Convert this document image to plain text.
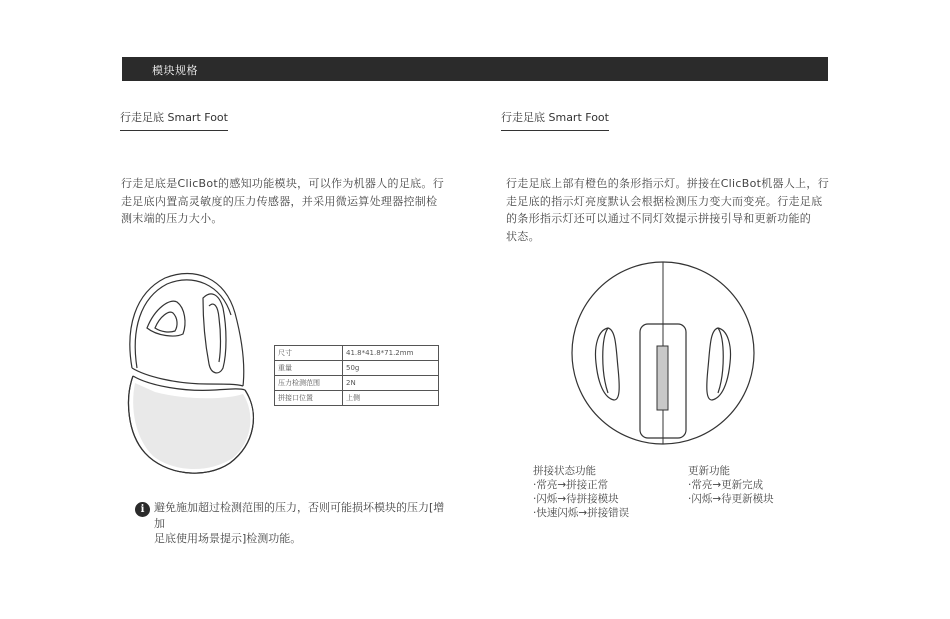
模块规格
行走足底 Smart Foot
行走足底是ClicBot的感知功能模块，可以作为机器人的足底。行
走足底内置高灵敏度的压力传感器，并采用微运算处理器控制检
测末端的压力大小。
尺寸	41.8*41.8*71.2mm
重量	50g
压力检测范围	2N
拼接口位置	上侧
i 避免施加超过检测范围的压力，否则可能损坏模块的压力[增加
足底使用场景提示]检测功能。
行走足底 Smart Foot
行走足底上部有橙色的条形指示灯。拼接在ClicBot机器人上，行
走足底的指示灯亮度默认会根据检测压力变大而变亮。行走足底
的条形指示灯还可以通过不同灯效提示拼接引导和更新功能的
状态。
拼接状态功能
·常亮→拼接正常
·闪烁→待拼接模块
·快速闪烁→拼接错误
更新功能
·常亮→更新完成
·闪烁→待更新模块
